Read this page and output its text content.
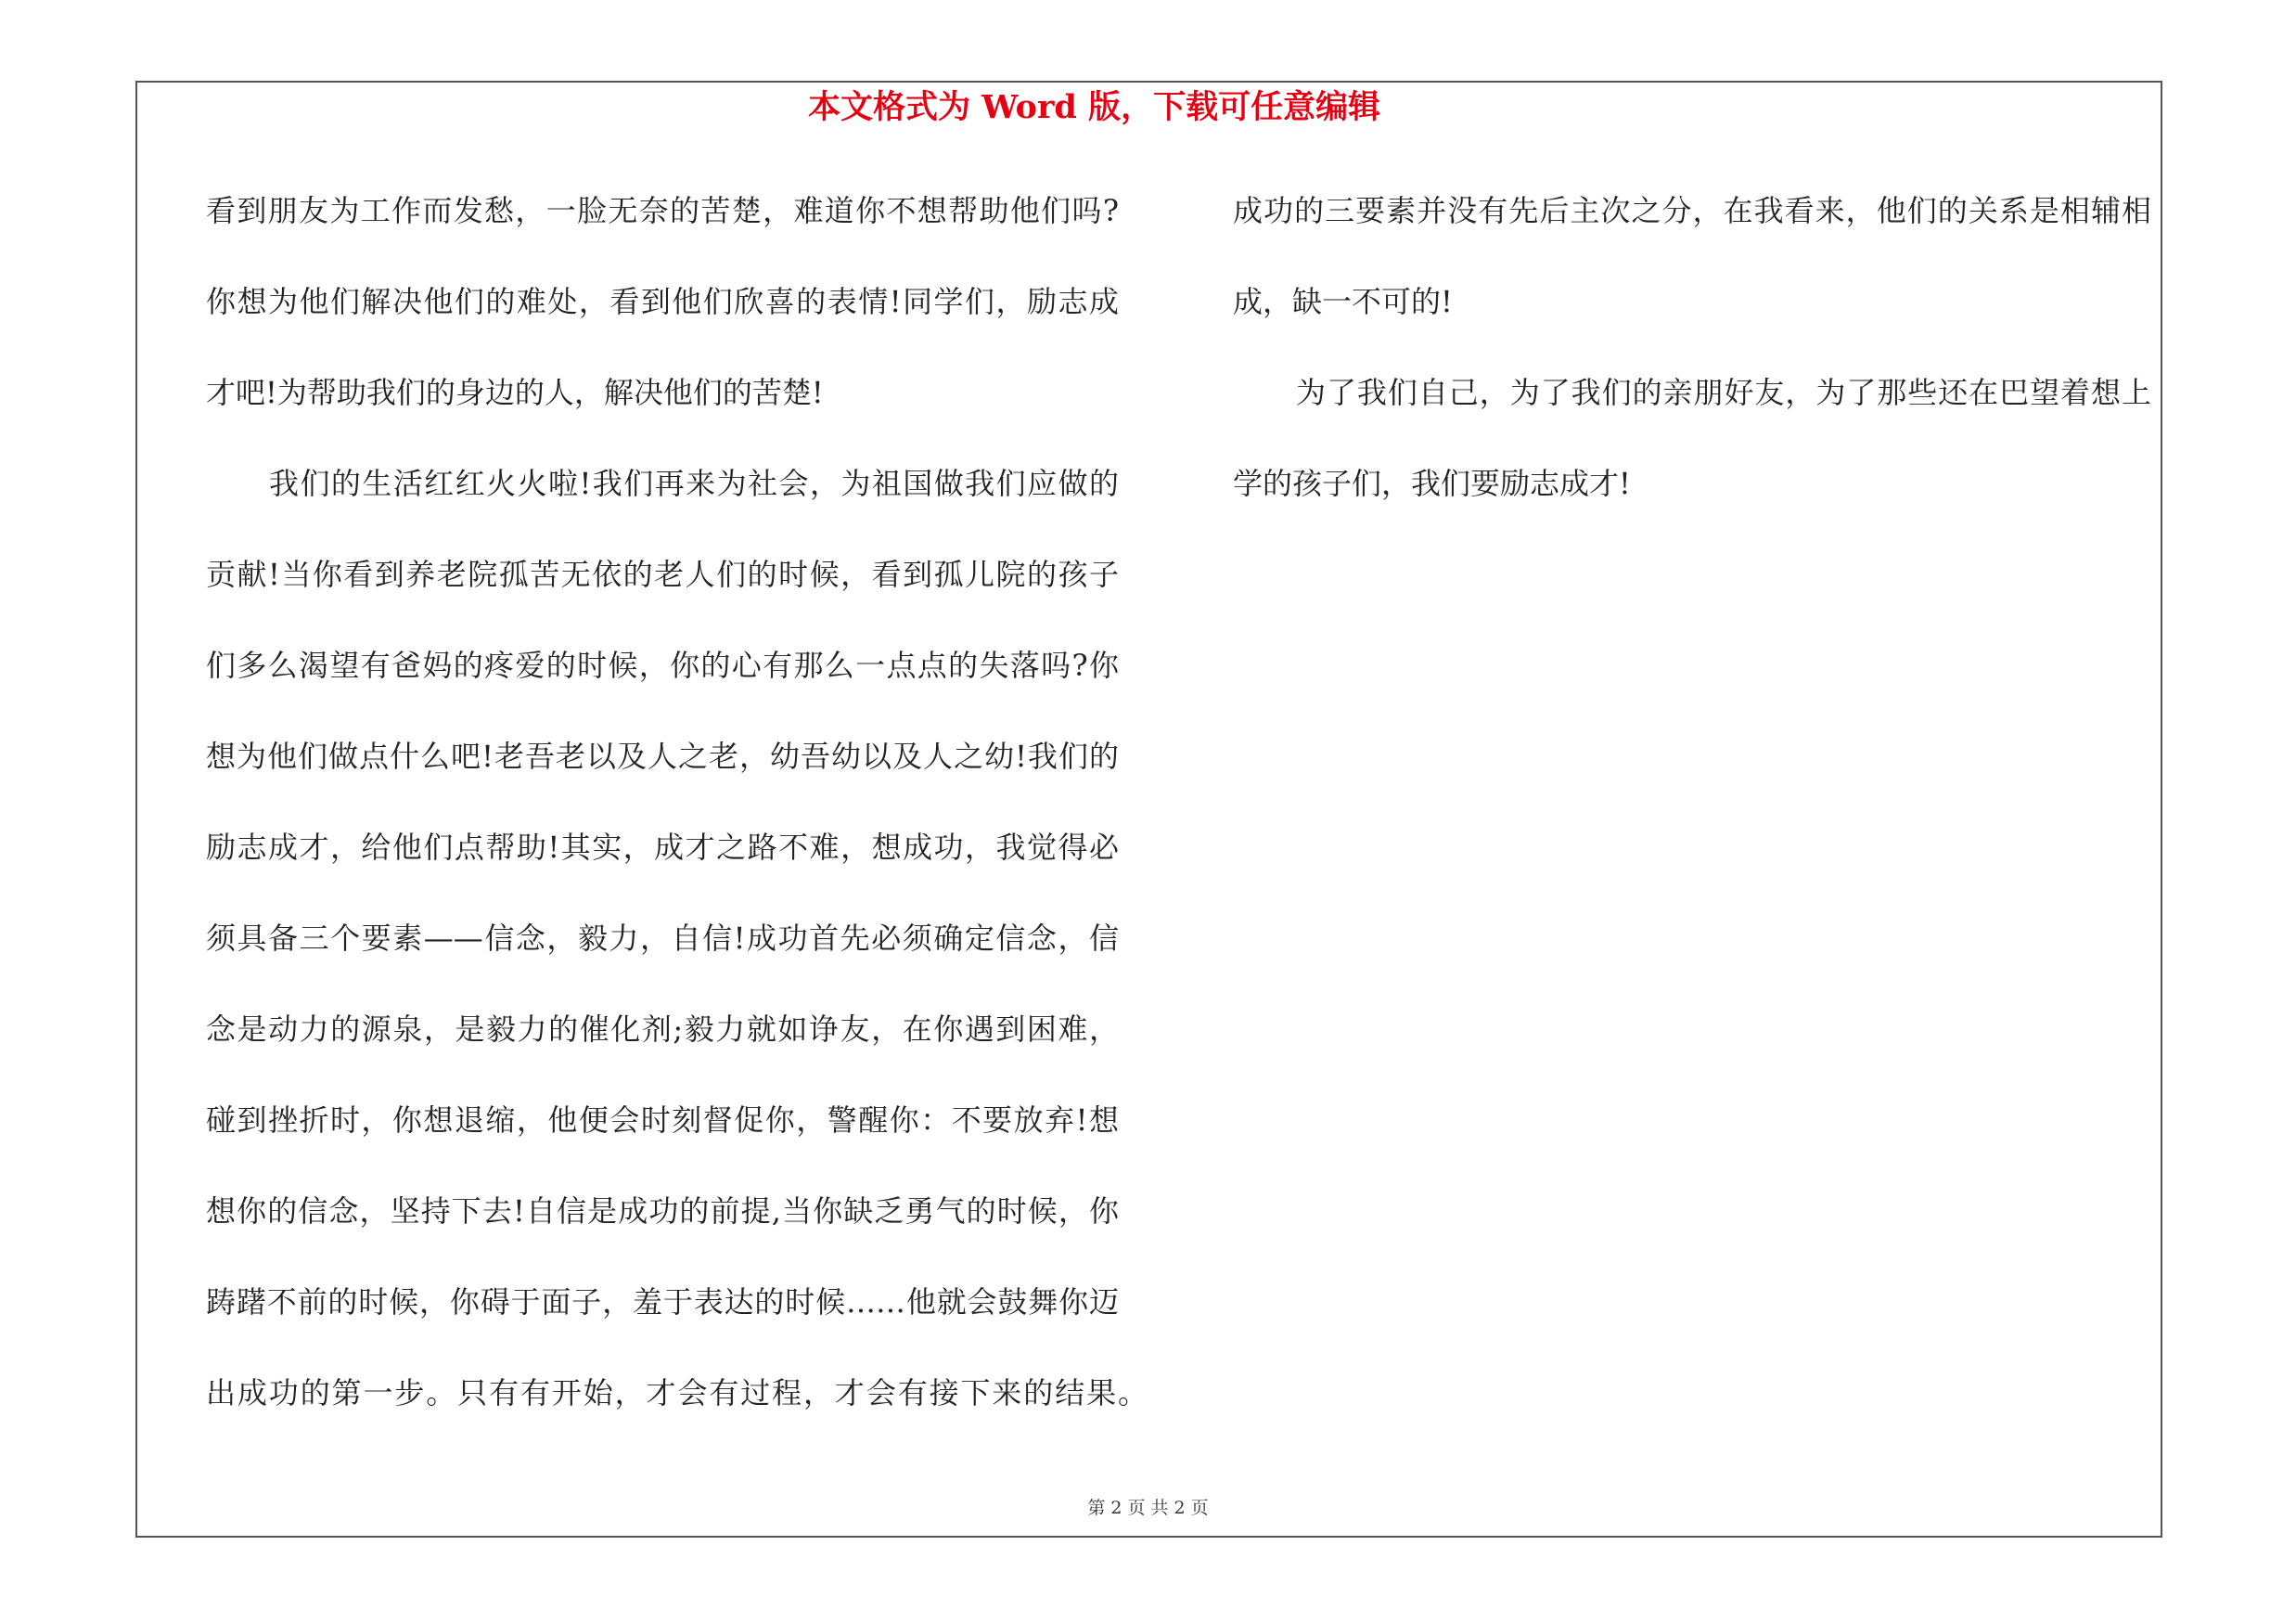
本文格式为 Word 版，下载可任意编辑
看到朋友为工作而发愁，一脸无奈的苦楚，难道你不想帮助他们吗?
你想为他们解决他们的难处，看到他们欣喜的表情!同学们，励志成
才吧!为帮助我们的身边的人，解决他们的苦楚!
我们的生活红红火火啦!我们再来为社会，为祖国做我们应做的
贡献!当你看到养老院孤苦无依的老人们的时候，看到孤儿院的孩子
们多么渴望有爸妈的疼爱的时候，你的心有那么一点点的失落吗?你
想为他们做点什么吧!老吾老以及人之老，幼吾幼以及人之幼!我们的
励志成才，给他们点帮助!其实，成才之路不难，想成功，我觉得必
须具备三个要素——信念，毅力，自信!成功首先必须确定信念，信
念是动力的源泉，是毅力的催化剂;毅力就如诤友，在你遇到困难，
碰到挫折时，你想退缩，他便会时刻督促你，警醒你：不要放弃!想
想你的信念，坚持下去!自信是成功的前提,当你缺乏勇气的时候，你
踌躇不前的时候，你碍于面子，羞于表达的时候……他就会鼓舞你迈
出成功的第一步。只有有开始，才会有过程，才会有接下来的结果。
成功的三要素并没有先后主次之分，在我看来，他们的关系是相辅相
成，缺一不可的!
为了我们自己，为了我们的亲朋好友，为了那些还在巴望着想上
学的孩子们，我们要励志成才!
第 2 页 共 2 页
